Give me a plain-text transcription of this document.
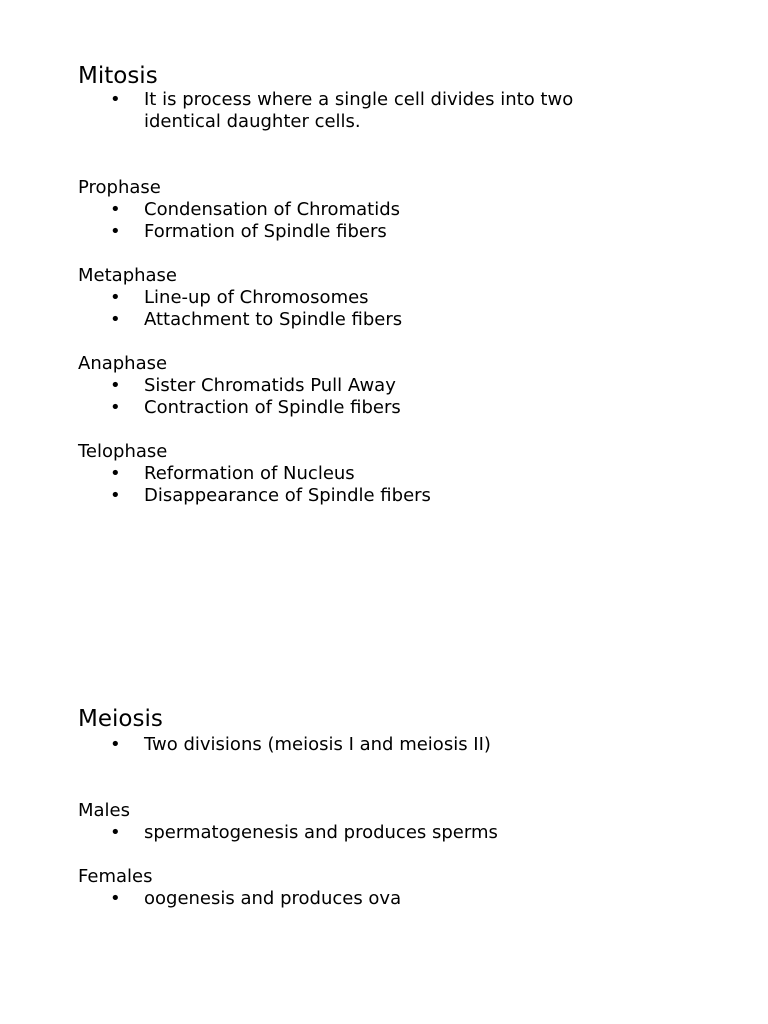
Mitosis
• It is process where a single cell divides into two identical daughter cells.
Prophase
• Condensation of Chromatids
• Formation of Spindle fibers
Metaphase
• Line-up of Chromosomes
• Attachment to Spindle fibers
Anaphase
• Sister Chromatids Pull Away
• Contraction of Spindle fibers
Telophase
• Reformation of Nucleus
• Disappearance of Spindle fibers
Meiosis
• Two divisions (meiosis I and meiosis II)
Males
• spermatogenesis and produces sperms
Females
• oogenesis and produces ova
